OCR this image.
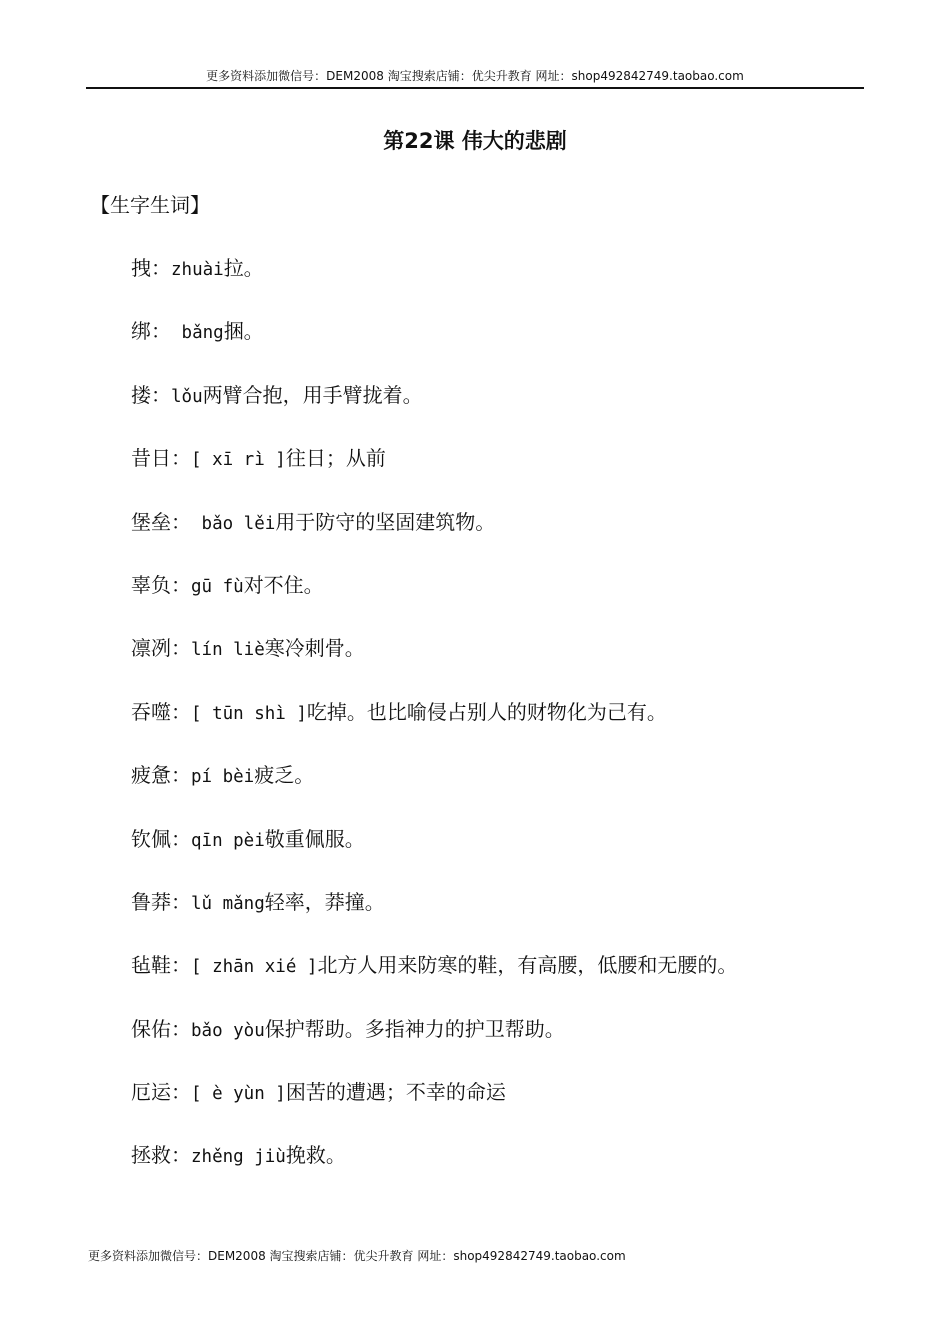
更多资料添加微信号：DEM2008 淘宝搜索店铺：优尖升教育 网址：shop492842749.taobao.com
第22课 伟大的悲剧
【生字生词】
拽：zhuài拉。
绑： bǎng捆。
搂：lǒu两臂合抱，用手臂拢着。
昔日：[ xī rì ]往日；从前
堡垒： bǎo lěi用于防守的坚固建筑物。
辜负：gū fù对不住。
凛冽：lín liè寒冷刺骨。
吞噬：[ tūn shì ]吃掉。也比喻侵占别人的财物化为己有。
疲惫：pí bèi疲乏。
钦佩：qīn pèi敬重佩服。
鲁莽：lǔ mǎng轻率，莽撞。
毡鞋：[ zhān xié ]北方人用来防寒的鞋，有高腰，低腰和无腰的。
保佑：bǎo yòu保护帮助。多指神力的护卫帮助。
厄运：[ è yùn ]困苦的遭遇；不幸的命运
拯救：zhěng jiù挽救。
更多资料添加微信号：DEM2008 淘宝搜索店铺：优尖升教育 网址：shop492842749.taobao.com
